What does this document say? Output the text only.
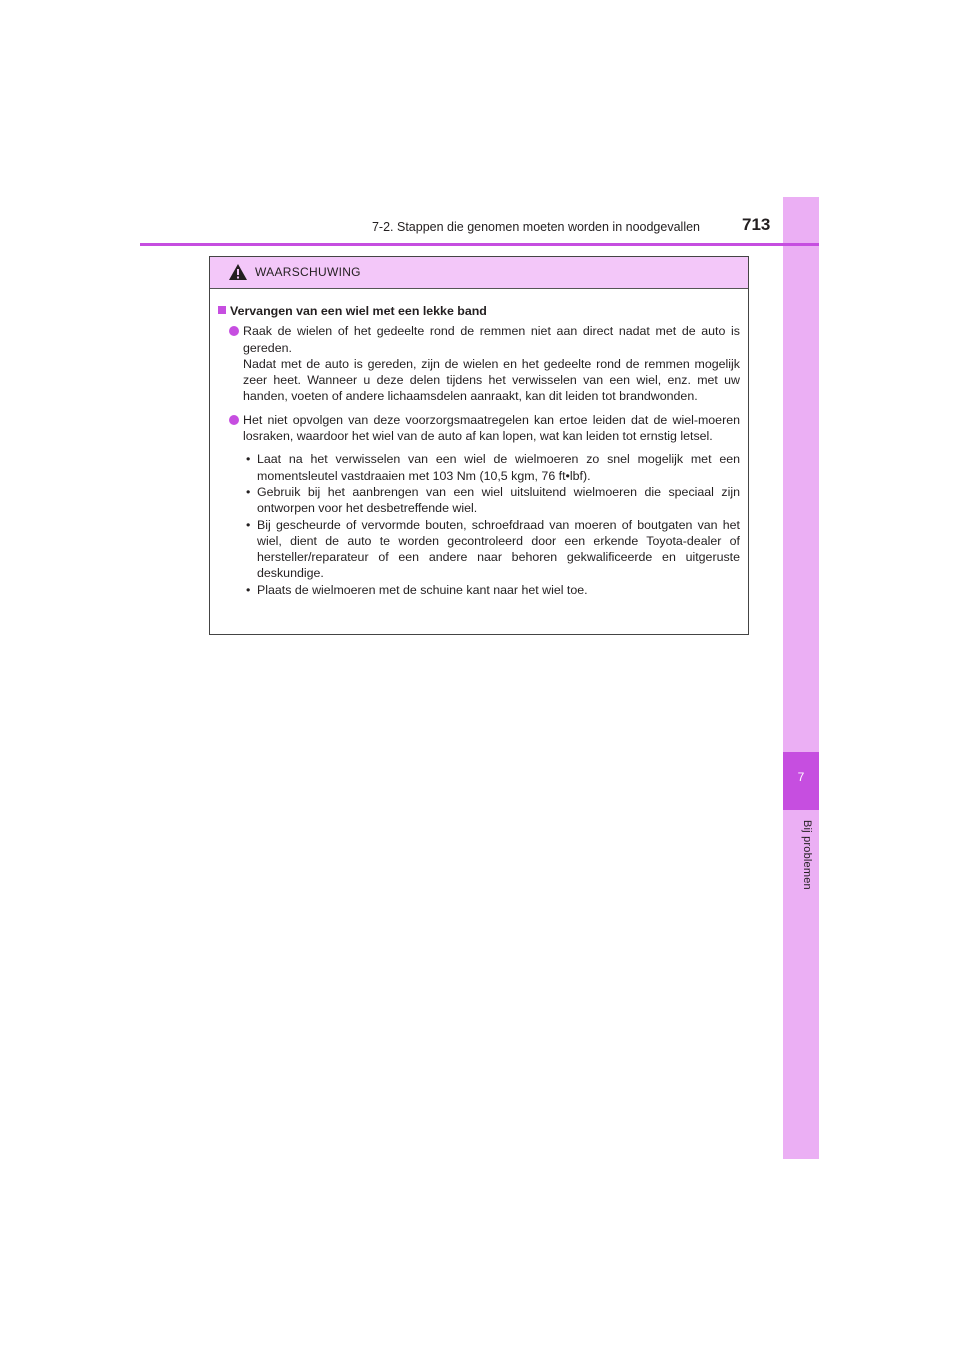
7
Bij problemen
7-2. Stappen die genomen moeten worden in noodgevallen 713
WAARSCHUWING
Vervangen van een wiel met een lekke band

Raak de wielen of het gedeelte rond de remmen niet aan direct nadat met de auto is gereden.

Nadat met de auto is gereden, zijn de wielen en het gedeelte rond de remmen mogelijk zeer heet. Wanneer u deze delen tijdens het verwisselen van een wiel, enz. met uw handen, voeten of andere lichaamsdelen aanraakt, kan dit leiden tot brandwonden.

Het niet opvolgen van deze voorzorgsmaatregelen kan ertoe leiden dat de wiel-moeren losraken, waardoor het wiel van de auto af kan lopen, wat kan leiden tot ernstig letsel.

• Laat na het verwisselen van een wiel de wielmoeren zo snel mogelijk met een momentsleutel vastdraaien met 103 Nm (10,5 kgm, 76 ft•lbf).
• Gebruik bij het aanbrengen van een wiel uitsluitend wielmoeren die speciaal zijn ontworpen voor het desbetreffende wiel.
• Bij gescheurde of vervormde bouten, schroefdraad van moeren of boutgaten van het wiel, dient de auto te worden gecontroleerd door een erkende Toyota-dealer of hersteller/reparateur of een andere naar behoren gekwalificeerde en uitgeruste deskundige.
• Plaats de wielmoeren met de schuine kant naar het wiel toe.
